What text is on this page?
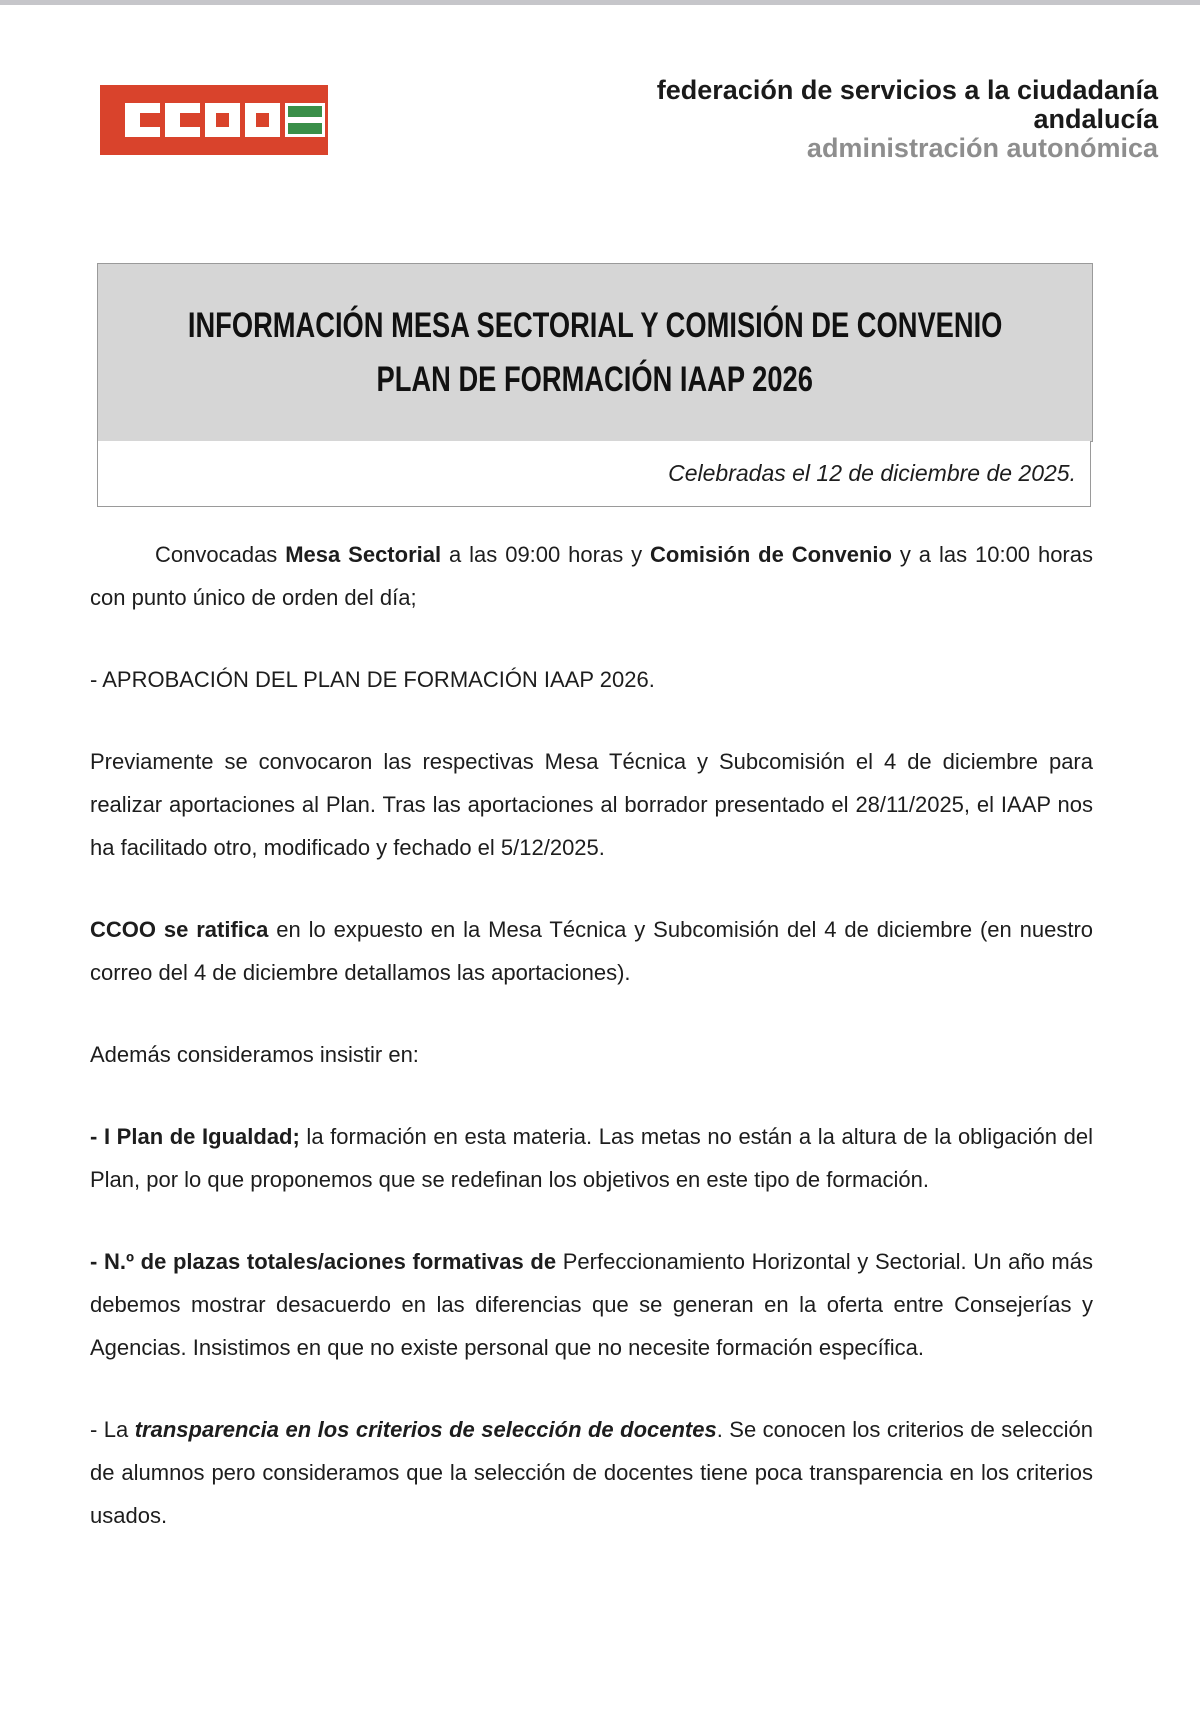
federación de servicios a la ciudadanía
andalucía
administración autonómica
INFORMACIÓN MESA SECTORIAL Y COMISIÓN DE CONVENIO
PLAN DE FORMACIÓN IAAP 2026
Celebradas el 12 de diciembre de 2025.

Convocadas Mesa Sectorial a las 09:00 horas y Comisión de Convenio y a las 10:00 horas con punto único de orden del día;

- APROBACIÓN DEL PLAN DE FORMACIÓN IAAP 2026.

Previamente se convocaron las respectivas Mesa Técnica y Subcomisión el 4 de diciembre para realizar aportaciones al Plan. Tras las aportaciones al borrador presentado el 28/11/2025, el IAAP nos ha facilitado otro, modificado y fechado el 5/12/2025.

CCOO se ratifica en lo expuesto en la Mesa Técnica y Subcomisión del 4 de diciembre (en nuestro correo del 4 de diciembre detallamos las aportaciones).

Además consideramos insistir en:

- I Plan de Igualdad; la formación en esta materia. Las metas no están a la altura de la obligación del Plan, por lo que proponemos que se redefinan los objetivos en este tipo de formación.

- N.º de plazas totales/aciones formativas de Perfeccionamiento Horizontal y Sectorial. Un año más debemos mostrar desacuerdo en las diferencias que se generan en la oferta entre Consejerías y Agencias. Insistimos en que no existe personal que no necesite formación específica.

- La transparencia en los criterios de selección de docentes. Se conocen los criterios de selección de alumnos pero consideramos que la selección de docentes tiene poca transparencia en los criterios usados.
